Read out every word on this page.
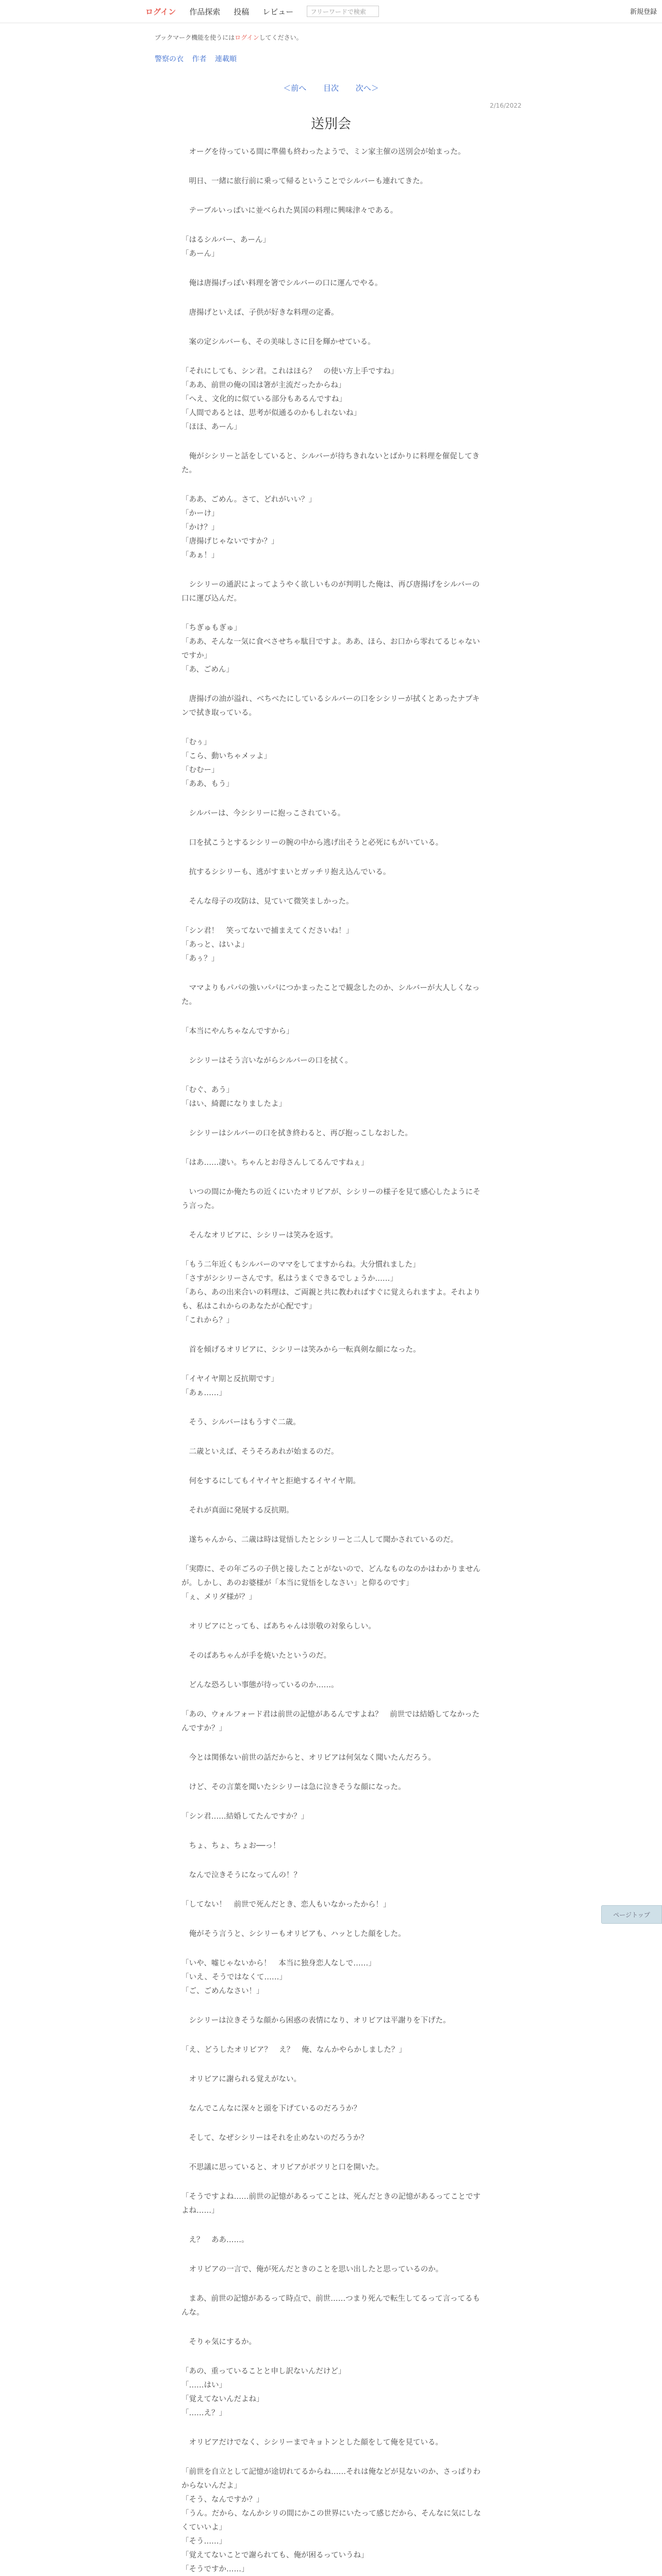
ログイン 作品探索 投稿 レビュー	フリーワードで検索	新規登録
ブックマーク機能を使うにはログインしてください。
警察の衣 作者 連載順
＜前へ 目次 次へ＞
2/16/2022
送別会

　オーグを待っている間に準備も終わったようで、ミン家主催の送別会が始まった。

　明日、一緒に旅行前に乗って帰るということでシルバーも連れてきた。

　テーブルいっぱいに並べられた異国の料理に興味津々である。

「はるシルバー、あーん」
「あーん」

　俺は唐揚げっぽい料理を箸でシルバーの口に運んでやる。

　唐揚げといえば、子供が好きな料理の定番。

　案の定シルバーも、その美味しさに目を輝かせている。

「それにしても、シン君。これはほら？　の使い方上手ですね」
「ああ、前世の俺の国は箸が主流だったからね」
「へえ、文化的に似ている部分もあるんですね」
「人間であるとは、思考が似通るのかもしれないね」
「ほほ、あーん」

　俺がシシリーと話をしていると、シルバーが待ちきれないとばかりに料理を催促してきた。

「ああ、ごめん。さて、どれがいい？」
「かーけ」
「かけ？」
「唐揚げじゃないですか？」
「あぁ！」

　シシリーの通訳によってようやく欲しいものが判明した俺は、再び唐揚げをシルバーの口に運び込んだ。

「ちぎゅもぎゅ」
「ああ、そんな一気に食べさせちゃ駄目ですよ。ああ、ほら、お口から零れてるじゃないですか」
「あ、ごめん」

　唐揚げの油が溢れ、べちべたにしているシルバーの口をシシリーが拭くとあったナプキンで拭き取っている。

「むぅ」
「こら、動いちゃメッよ」
「むむー」
「ああ、もう」

　シルバーは、今シシリーに抱っこされている。

　口を拭こうとするシシリーの腕の中から逃げ出そうと必死にもがいている。

　抗するシシリーも、逃がすまいとガッチリ抱え込んでいる。

　そんな母子の攻防は、見ていて微笑ましかった。

「シン君！　笑ってないで捕まえてくださいね！」
「あっと、はいよ」
「あぅ？」

　ママよりもパパの強いパパにつかまったことで観念したのか、シルバーが大人しくなった。

「本当にやんちゃなんですから」

　シシリーはそう言いながらシルバーの口を拭く。

「むぐ、あう」
「はい、綺麗になりましたよ」

　シシリーはシルバーの口を拭き終わると、再び抱っこしなおした。

「はあ……凄い。ちゃんとお母さんしてるんですねぇ」

　いつの間にか俺たちの近くにいたオリビアが、シシリーの様子を見て感心したようにそう言った。

　そんなオリビアに、シシリーは笑みを返す。

「もう二年近くもシルバーのママをしてますからね。大分慣れました」
「さすがシシリーさんです。私はうまくできるでしょうか……」
「あら、あの出来合いの料理は、ご両親と共に教わればすぐに覚えられますよ。それよりも、私はこれからのあなたが心配です」
「これから？」

　首を傾げるオリビアに、シシリーは笑みから一転真剣な顔になった。

「イヤイヤ期と反抗期です」
「あぁ……」

　そう、シルバーはもうすぐ二歳。

　二歳といえば、そうそろあれが始まるのだ。

　何をするにしてもイヤイヤと拒絶するイヤイヤ期。

　それが真面に発展する反抗期。

　遂ちゃんから、二歳は時は覚悟したとシシリーと二人して聞かされているのだ。

「実際に、その年ごろの子供と接したことがないので、どんなものなのかはわかりませんが。しかし、あのお婆様が「本当に覚悟をしなさい」と仰るのです」
「ぇ、メリダ様が？」

　オリビアにとっても、ばあちゃんは崇敬の対象らしい。

　そのばあちゃんが手を焼いたというのだ。

　どんな恐ろしい事態が待っているのか……。

「あの、ウォルフォード君は前世の記憶があるんですよね？　前世では結婚してなかったんですか？」

　今とは関係ない前世の話だからと、オリビアは何気なく聞いたんだろう。

　けど、その言葉を聞いたシシリーは急に泣きそうな顔になった。

「シン君……結婚してたんですか？」

　ちょ、ちょ、ちょお──っ！

　なんで泣きそうになってんの！？

「してない！　前世で死んだとき、恋人もいなかったから！」

　俺がそう言うと、シシリーもオリビアも、ハッとした顔をした。

「いや、嘘じゃないから！　本当に独身恋人なしで……」
「いえ、そうではなくて……」
「ご、ごめんなさい！」

　シシリーは泣きそうな顔から困惑の表情になり、オリビアは平謝りを下げた。

「え、どうしたオリビア？　え？　俺、なんかやらかしました？」

　オリビアに謝られる覚えがない。

　なんでこんなに深々と頭を下げているのだろうか？

　そして、なぜシシリーはそれを止めないのだろうか？

　不思議に思っていると、オリビアがポツリと口を開いた。

「そうですよね……前世の記憶があるってことは、死んだときの記憶があるってことですよね……」

　え？　ああ……。

　オリビアの一言で、俺が死んだときのことを思い出したと思っているのか。

　まあ、前世の記憶があるって時点で、前世……つまり死んで転生してるって言ってるもんな。

　そりゃ気にするか。

「あの、重っていることと申し訳ないんだけど」
「……はい」
「覚えてないんだよね」
「……え？」

　オリビアだけでなく、シシリーまでキョトンとした顔をして俺を見ている。

「前世を自立として記憶が途切れてるからね……それは俺などが見ないのか、さっぱりわからないんだよ」
「そう、なんですか？」
「うん。だから、なんかシリの間にかこの世界にいたって感じだから、そんなに気にしなくていいよ」
「そう……」
「覚えてないことで謝られても、俺が困るっていうね」
「そうですか……」

ページトップ
